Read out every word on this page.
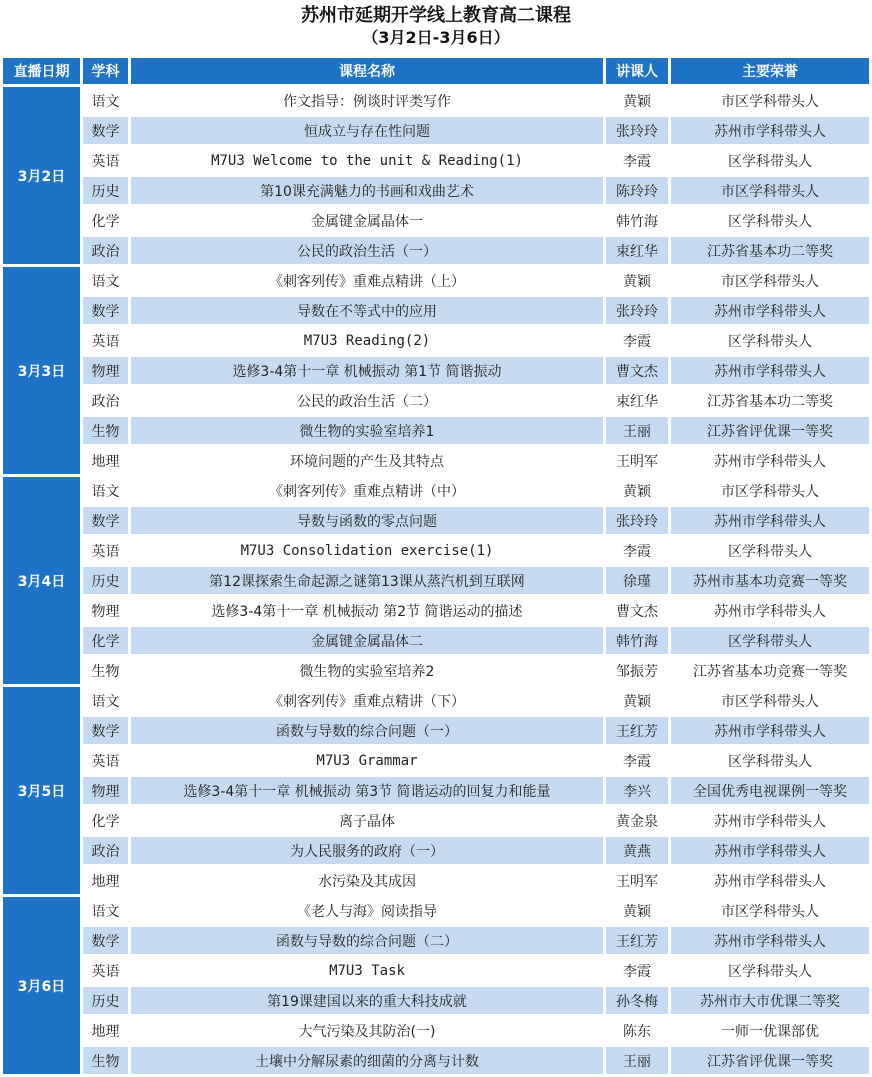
苏州市延期开学线上教育高二课程
（3月2日-3月6日）
直播日期	学科	课程名称	讲课人	主要荣誉
3月2日	语文	作文指导：例谈时评类写作	黄颖	市区学科带头人
	数学	恒成立与存在性问题	张玲玲	苏州市学科带头人
	英语	M7U3 Welcome to the unit & Reading(1)	李霞	区学科带头人
	历史	第10课充满魅力的书画和戏曲艺术	陈玲玲	市区学科带头人
	化学	金属键金属晶体一	韩竹海	区学科带头人
	政治	公民的政治生活（一）	束红华	江苏省基本功二等奖
3月3日	语文	《刺客列传》重难点精讲（上）	黄颖	市区学科带头人
	数学	导数在不等式中的应用	张玲玲	苏州市学科带头人
	英语	M7U3 Reading(2)	李霞	区学科带头人
	物理	选修3-4第十一章 机械振动 第1节 简谐振动	曹文杰	苏州市学科带头人
	政治	公民的政治生活（二）	束红华	江苏省基本功二等奖
	生物	微生物的实验室培养1	王丽	江苏省评优课一等奖
	地理	环境问题的产生及其特点	王明军	苏州市学科带头人
3月4日	语文	《刺客列传》重难点精讲（中）	黄颖	市区学科带头人
	数学	导数与函数的零点问题	张玲玲	苏州市学科带头人
	英语	M7U3 Consolidation exercise(1)	李霞	区学科带头人
	历史	第12课探索生命起源之谜第13课从蒸汽机到互联网	徐瑾	苏州市基本功竞赛一等奖
	物理	选修3-4第十一章 机械振动 第2节 简谐运动的描述	曹文杰	苏州市学科带头人
	化学	金属键金属晶体二	韩竹海	区学科带头人
	生物	微生物的实验室培养2	邹振芳	江苏省基本功竞赛一等奖
3月5日	语文	《刺客列传》重难点精讲（下）	黄颖	市区学科带头人
	数学	函数与导数的综合问题（一）	王红芳	苏州市学科带头人
	英语	M7U3 Grammar	李霞	区学科带头人
	物理	选修3-4第十一章 机械振动 第3节 简谐运动的回复力和能量	李兴	全国优秀电视课例一等奖
	化学	离子晶体	黄金泉	苏州市学科带头人
	政治	为人民服务的政府（一）	黄燕	苏州市学科带头人
	地理	水污染及其成因	王明军	苏州市学科带头人
3月6日	语文	《老人与海》阅读指导	黄颖	市区学科带头人
	数学	函数与导数的综合问题（二）	王红芳	苏州市学科带头人
	英语	M7U3 Task	李霞	区学科带头人
	历史	第19课建国以来的重大科技成就	孙冬梅	苏州市大市优课二等奖
	地理	大气污染及其防治(一)	陈东	一师一优课部优
	生物	土壤中分解尿素的细菌的分离与计数	王丽	江苏省评优课一等奖
